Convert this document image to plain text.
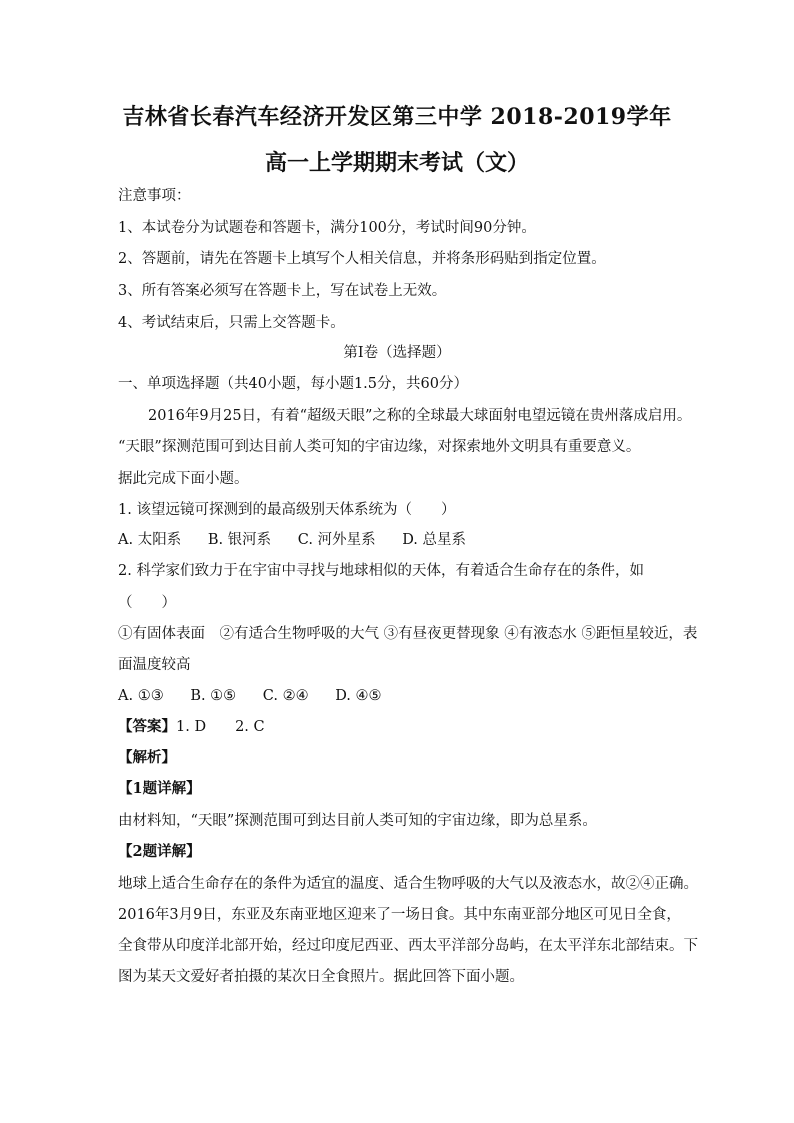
吉林省长春汽车经济开发区第三中学 2018-2019学年
高一上学期期末考试（文）
注意事项：
1、本试卷分为试题卷和答题卡，满分100分，考试时间90分钟。
2、答题前，请先在答题卡上填写个人相关信息，并将条形码贴到指定位置。
3、所有答案必须写在答题卡上，写在试卷上无效。
4、考试结束后，只需上交答题卡。
第Ⅰ卷（选择题）
一、单项选择题（共40小题，每小题1.5分，共60分）
2016年9月25日，有着“超级天眼”之称的全球最大球面射电望远镜在贵州落成启用。
“天眼”探测范围可到达目前人类可知的宇宙边缘，对探索地外文明具有重要意义。
据此完成下面小题。
1. 该望远镜可探测到的最高级别天体系统为（　　）
A. 太阳系 B. 银河系 C. 河外星系 D. 总星系
2. 科学家们致力于在宇宙中寻找与地球相似的天体，有着适合生命存在的条件，如
（　　）
①有固体表面　②有适合生物呼吸的大气 ③有昼夜更替现象 ④有液态水 ⑤距恒星较近，表
面温度较高
A. ①③ B. ①⑤ C. ②④ D. ④⑤
【答案】1. D　　2. C
【解析】
【1题详解】
由材料知，“天眼”探测范围可到达目前人类可知的宇宙边缘，即为总星系。
【2题详解】
地球上适合生命存在的条件为适宜的温度、适合生物呼吸的大气以及液态水，故②④正确。
2016年3月9日，东亚及东南亚地区迎来了一场日食。其中东南亚部分地区可见日全食，
全食带从印度洋北部开始，经过印度尼西亚、西太平洋部分岛屿，在太平洋东北部结束。下
图为某天文爱好者拍摄的某次日全食照片。据此回答下面小题。
